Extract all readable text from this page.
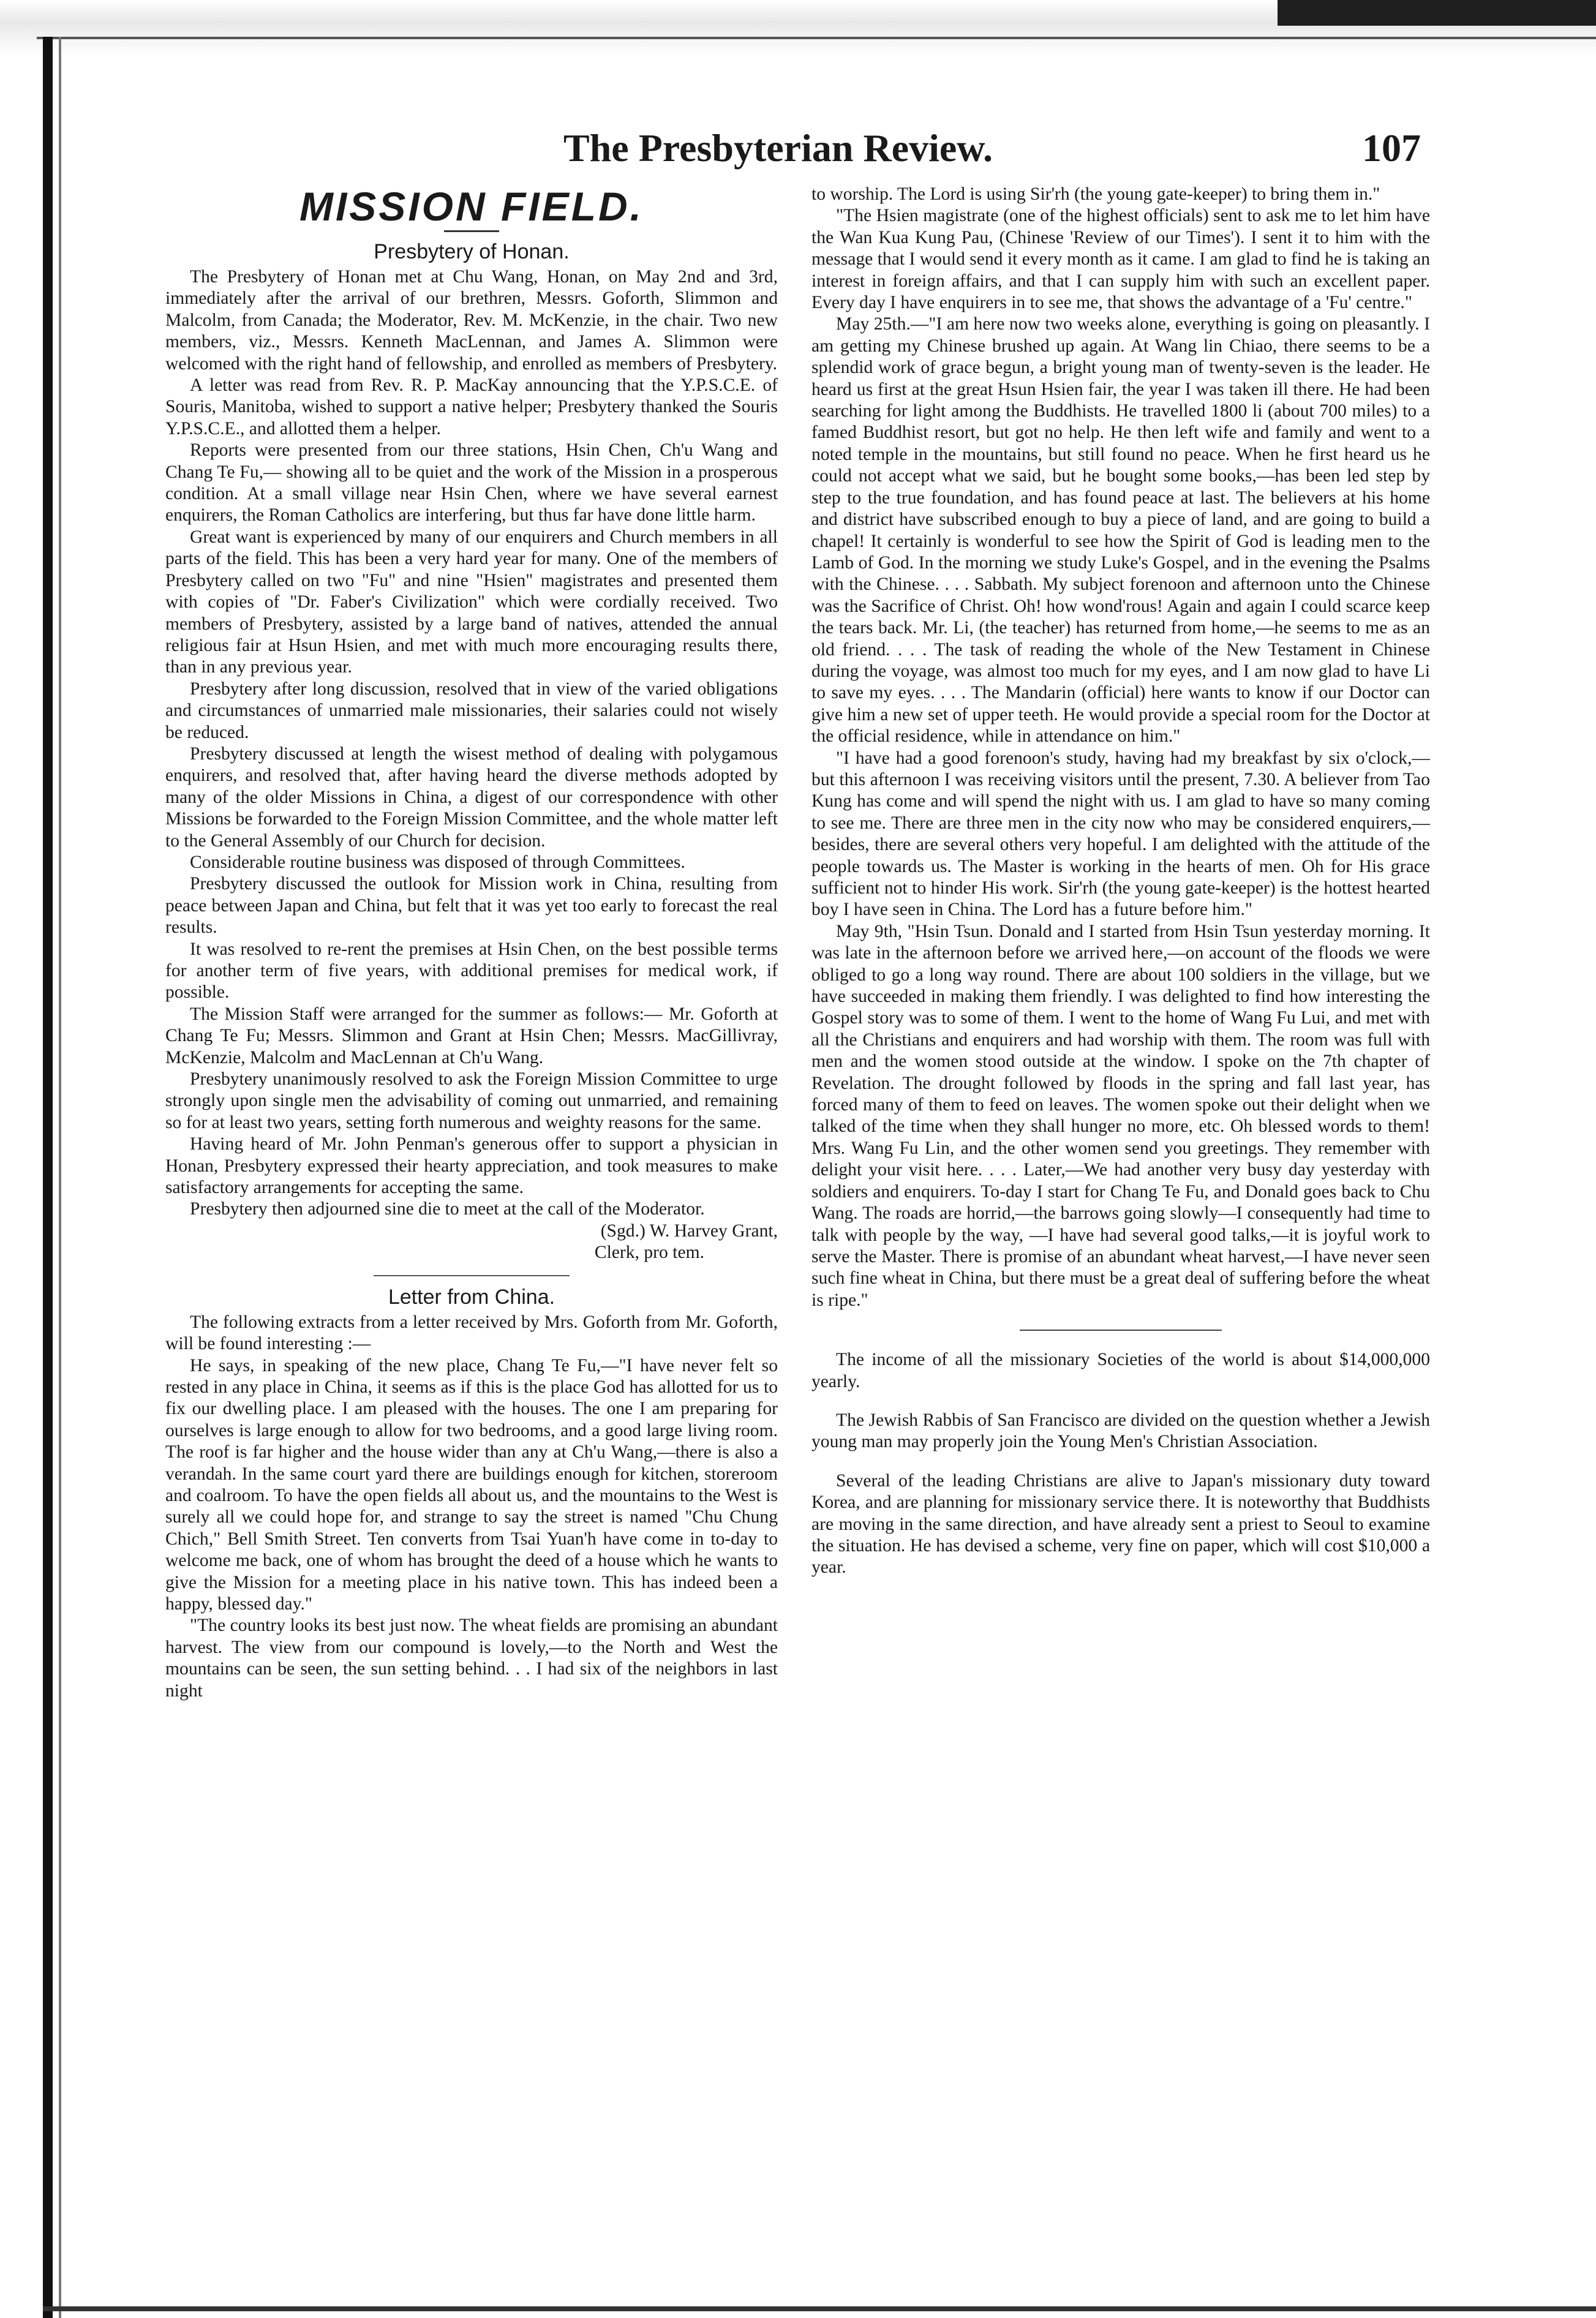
The Presbyterian Review.	107
MISSION FIELD.
Presbytery of Honan.

The Presbytery of Honan met at Chu Wang, Honan, on May 2nd and 3rd, immediately after the arrival of our brethren, Messrs. Goforth, Slimmon and Malcolm, from Canada; the Moderator, Rev. M. McKenzie, in the chair. Two new members, viz., Messrs. Kenneth MacLennan, and James A. Slimmon were welcomed with the right hand of fellowship, and enrolled as members of Presbytery.

A letter was read from Rev. R. P. MacKay announcing that the Y.P.S.C.E. of Souris, Manitoba, wished to support a native helper; Presbytery thanked the Souris Y.P.S.C.E., and allotted them a helper.

Reports were presented from our three stations, Hsin Chen, Ch'u Wang and Chang Te Fu,— showing all to be quiet and the work of the Mission in a prosperous condition. At a small village near Hsin Chen, where we have several earnest enquirers, the Roman Catholics are interfering, but thus far have done little harm.

Great want is experienced by many of our enquirers and Church members in all parts of the field. This has been a very hard year for many. One of the members of Presbytery called on two "Fu" and nine "Hsien" magistrates and presented them with copies of "Dr. Faber's Civilization" which were cordially received. Two members of Presbytery, assisted by a large band of natives, attended the annual religious fair at Hsun Hsien, and met with much more encouraging results there, than in any previous year.

Presbytery after long discussion, resolved that in view of the varied obligations and circumstances of unmarried male missionaries, their salaries could not wisely be reduced.

Presbytery discussed at length the wisest method of dealing with polygamous enquirers, and resolved that, after having heard the diverse methods adopted by many of the older Missions in China, a digest of our correspondence with other Missions be forwarded to the Foreign Mission Committee, and the whole matter left to the General Assembly of our Church for decision.

Considerable routine business was disposed of through Committees.

Presbytery discussed the outlook for Mission work in China, resulting from peace between Japan and China, but felt that it was yet too early to forecast the real results.

It was resolved to re-rent the premises at Hsin Chen, on the best possible terms for another term of five years, with additional premises for medical work, if possible.

The Mission Staff were arranged for the summer as follows:— Mr. Goforth at Chang Te Fu; Messrs. Slimmon and Grant at Hsin Chen; Messrs. MacGillivray, McKenzie, Malcolm and MacLennan at Ch'u Wang.

Presbytery unanimously resolved to ask the Foreign Mission Committee to urge strongly upon single men the advisability of coming out unmarried, and remaining so for at least two years, setting forth numerous and weighty reasons for the same.

Having heard of Mr. John Penman's generous offer to support a physician in Honan, Presbytery expressed their hearty appreciation, and took measures to make satisfactory arrangements for accepting the same.

Presbytery then adjourned sine die to meet at the call of the Moderator.

(Sgd.) W. Harvey Grant,

Clerk, pro tem.

Letter from China.

The following extracts from a letter received by Mrs. Goforth from Mr. Goforth, will be found interesting :—

He says, in speaking of the new place, Chang Te Fu,—"I have never felt so rested in any place in China, it seems as if this is the place God has allotted for us to fix our dwelling place. I am pleased with the houses. The one I am preparing for ourselves is large enough to allow for two bedrooms, and a good large living room. The roof is far higher and the house wider than any at Ch'u Wang,—there is also a verandah. In the same court yard there are buildings enough for kitchen, storeroom and coalroom. To have the open fields all about us, and the mountains to the West is surely all we could hope for, and strange to say the street is named "Chu Chung Chich," Bell Smith Street. Ten converts from Tsai Yuan'h have come in to-day to welcome me back, one of whom has brought the deed of a house which he wants to give the Mission for a meeting place in his native town. This has indeed been a happy, blessed day."

"The country looks its best just now. The wheat fields are promising an abundant harvest. The view from our compound is lovely,—to the North and West the mountains can be seen, the sun setting behind. . . I had six of the neighbors in last night

to worship. The Lord is using Sir'rh (the young gate-keeper) to bring them in."

"The Hsien magistrate (one of the highest officials) sent to ask me to let him have the Wan Kua Kung Pau, (Chinese 'Review of our Times'). I sent it to him with the message that I would send it every month as it came. I am glad to find he is taking an interest in foreign affairs, and that I can supply him with such an excellent paper. Every day I have enquirers in to see me, that shows the advantage of a 'Fu' centre."

May 25th.—"I am here now two weeks alone, everything is going on pleasantly. I am getting my Chinese brushed up again. At Wang lin Chiao, there seems to be a splendid work of grace begun, a bright young man of twenty-seven is the leader. He heard us first at the great Hsun Hsien fair, the year I was taken ill there. He had been searching for light among the Buddhists. He travelled 1800 li (about 700 miles) to a famed Buddhist resort, but got no help. He then left wife and family and went to a noted temple in the mountains, but still found no peace. When he first heard us he could not accept what we said, but he bought some books,—has been led step by step to the true foundation, and has found peace at last. The believers at his home and district have subscribed enough to buy a piece of land, and are going to build a chapel! It certainly is wonderful to see how the Spirit of God is leading men to the Lamb of God. In the morning we study Luke's Gospel, and in the evening the Psalms with the Chinese. . . . Sabbath. My subject forenoon and afternoon unto the Chinese was the Sacrifice of Christ. Oh! how wond'rous! Again and again I could scarce keep the tears back. Mr. Li, (the teacher) has returned from home,—he seems to me as an old friend. . . . The task of reading the whole of the New Testament in Chinese during the voyage, was almost too much for my eyes, and I am now glad to have Li to save my eyes. . . . The Mandarin (official) here wants to know if our Doctor can give him a new set of upper teeth. He would provide a special room for the Doctor at the official residence, while in attendance on him."

"I have had a good forenoon's study, having had my breakfast by six o'clock,—but this afternoon I was receiving visitors until the present, 7.30. A believer from Tao Kung has come and will spend the night with us. I am glad to have so many coming to see me. There are three men in the city now who may be considered enquirers,—besides, there are several others very hopeful. I am delighted with the attitude of the people towards us. The Master is working in the hearts of men. Oh for His grace sufficient not to hinder His work. Sir'rh (the young gate-keeper) is the hottest hearted boy I have seen in China. The Lord has a future before him."

May 9th, "Hsin Tsun. Donald and I started from Hsin Tsun yesterday morning. It was late in the afternoon before we arrived here,—on account of the floods we were obliged to go a long way round. There are about 100 soldiers in the village, but we have succeeded in making them friendly. I was delighted to find how interesting the Gospel story was to some of them. I went to the home of Wang Fu Lui, and met with all the Christians and enquirers and had worship with them. The room was full with men and the women stood outside at the window. I spoke on the 7th chapter of Revelation. The drought followed by floods in the spring and fall last year, has forced many of them to feed on leaves. The women spoke out their delight when we talked of the time when they shall hunger no more, etc. Oh blessed words to them! Mrs. Wang Fu Lin, and the other women send you greetings. They remember with delight your visit here. . . . Later,—We had another very busy day yesterday with soldiers and enquirers. To-day I start for Chang Te Fu, and Donald goes back to Chu Wang. The roads are horrid,—the barrows going slowly—I consequently had time to talk with people by the way, —I have had several good talks,—it is joyful work to serve the Master. There is promise of an abundant wheat harvest,—I have never seen such fine wheat in China, but there must be a great deal of suffering before the wheat is ripe."

The income of all the missionary Societies of the world is about $14,000,000 yearly.

The Jewish Rabbis of San Francisco are divided on the question whether a Jewish young man may properly join the Young Men's Christian Association.

Several of the leading Christians are alive to Japan's missionary duty toward Korea, and are planning for missionary service there. It is noteworthy that Buddhists are moving in the same direction, and have already sent a priest to Seoul to examine the situation. He has devised a scheme, very fine on paper, which will cost $10,000 a year.
